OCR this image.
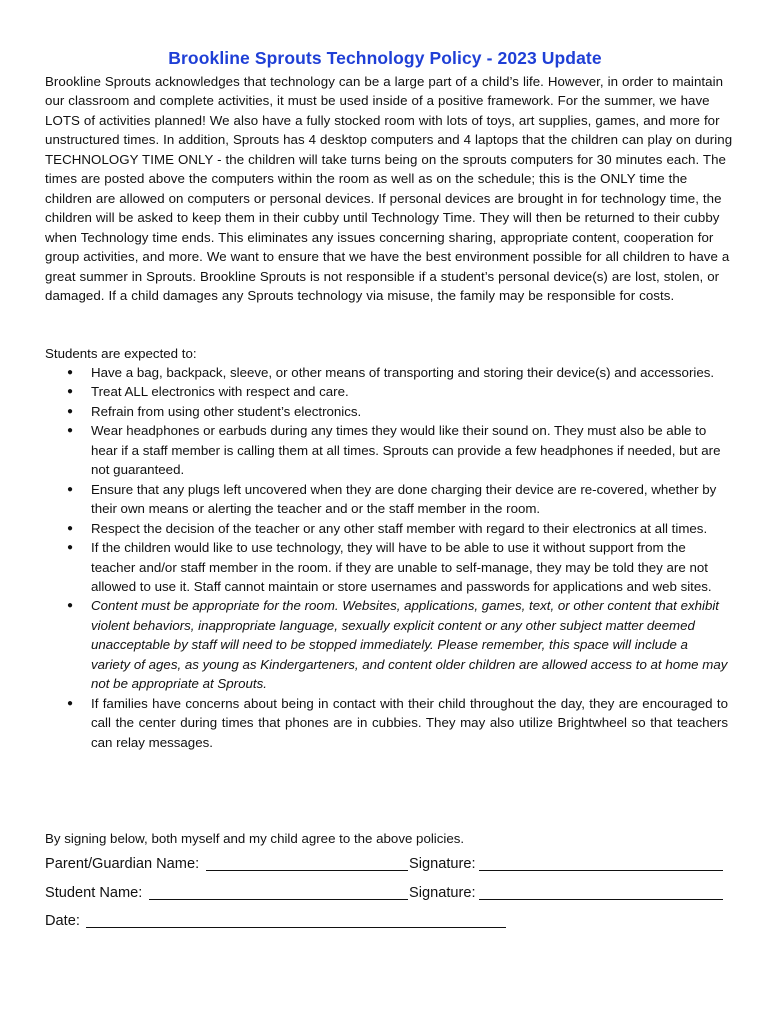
Brookline Sprouts Technology Policy - 2023 Update

Brookline Sprouts acknowledges that technology can be a large part of a child’s life. However, in order to maintain our classroom and complete activities, it must be used inside of a positive framework. For the summer, we have LOTS of activities planned! We also have a fully stocked room with lots of toys, art supplies, games, and more for unstructured times. In addition, Sprouts has 4 desktop computers and 4 laptops that the children can play on during TECHNOLOGY TIME ONLY - the children will take turns being on the sprouts computers for 30 minutes each. The times are posted above the computers within the room as well as on the schedule; this is the ONLY time the children are allowed on computers or personal devices. If personal devices are brought in for technology time, the children will be asked to keep them in their cubby until Technology Time. They will then be returned to their cubby when Technology time ends. This eliminates any issues concerning sharing, appropriate content, cooperation for group activities, and more. We want to ensure that we have the best environment possible for all children to have a great summer in Sprouts. Brookline Sprouts is not responsible if a student’s personal device(s) are lost, stolen, or damaged. If a child damages any Sprouts technology via misuse, the family may be responsible for costs.

Students are expected to:
● Have a bag, backpack, sleeve, or other means of transporting and storing their device(s) and accessories.
● Treat ALL electronics with respect and care.
● Refrain from using other student’s electronics.
● Wear headphones or earbuds during any times they would like their sound on. They must also be able to hear if a staff member is calling them at all times. Sprouts can provide a few headphones if needed, but are not guaranteed.
● Ensure that any plugs left uncovered when they are done charging their device are re-covered, whether by their own means or alerting the teacher and or the staff member in the room.
● Respect the decision of the teacher or any other staff member with regard to their electronics at all times.
● If the children would like to use technology, they will have to be able to use it without support from the teacher and/or staff member in the room. if they are unable to self-manage, they may be told they are not allowed to use it. Staff cannot maintain or store usernames and passwords for applications and web sites.
● Content must be appropriate for the room. Websites, applications, games, text, or other content that exhibit violent behaviors, inappropriate language, sexually explicit content or any other subject matter deemed unacceptable by staff will need to be stopped immediately. Please remember, this space will include a variety of ages, as young as Kindergarteners, and content older children are allowed access to at home may not be appropriate at Sprouts.
● If families have concerns about being in contact with their child throughout the day, they are encouraged to call the center during times that phones are in cubbies. They may also utilize Brightwheel so that teachers can relay messages.
By signing below, both myself and my child agree to the above policies.
Parent/Guardian Name:	Signature:
Student Name:	Signature:
Date:
